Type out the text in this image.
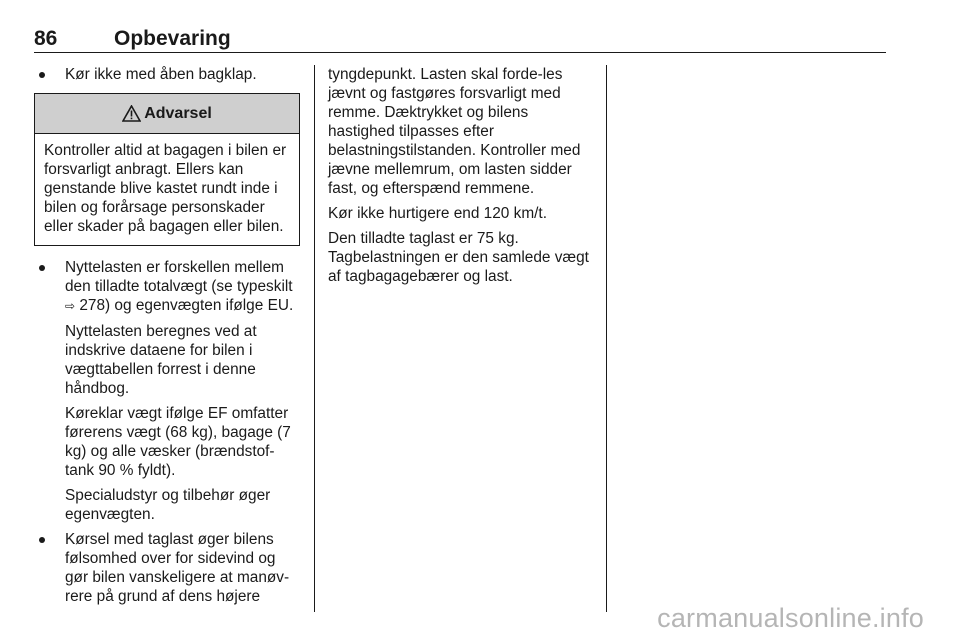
86	Opbevaring
Kør ikke med åben bagklap.
Advarsel
Kontroller altid at bagagen i bilen er forsvarligt anbragt. Ellers kan genstande blive kastet rundt inde i bilen og forårsage personskader eller skader på bagagen eller bilen.
Nyttelasten er forskellen mellem den tilladte totalvægt (se typeskilt ⇨ 278) og egenvægten ifølge EU.
Nyttelasten beregnes ved at indskrive dataene for bilen i vægttabellen forrest i denne håndbog.
Køreklar vægt ifølge EF omfatter førerens vægt (68 kg), bagage (7 kg) og alle væsker (brændstof-tank 90 % fyldt).
Specialudstyr og tilbehør øger egenvægten.
Kørsel med taglast øger bilens følsomhed over for sidevind og gør bilen vanskeligere at manøv-rere på grund af dens højere
tyngdepunkt. Lasten skal forde-les jævnt og fastgøres forsvarligt med remme. Dæktrykket og bilens hastighed tilpasses efter belastningstilstanden. Kontroller med jævne mellemrum, om lasten sidder fast, og efterspænd remmene.
Kør ikke hurtigere end 120 km/t.
Den tilladte taglast er 75 kg. Tagbelastningen er den samlede vægt af tagbagagebærer og last.
carmanualsonline.info
